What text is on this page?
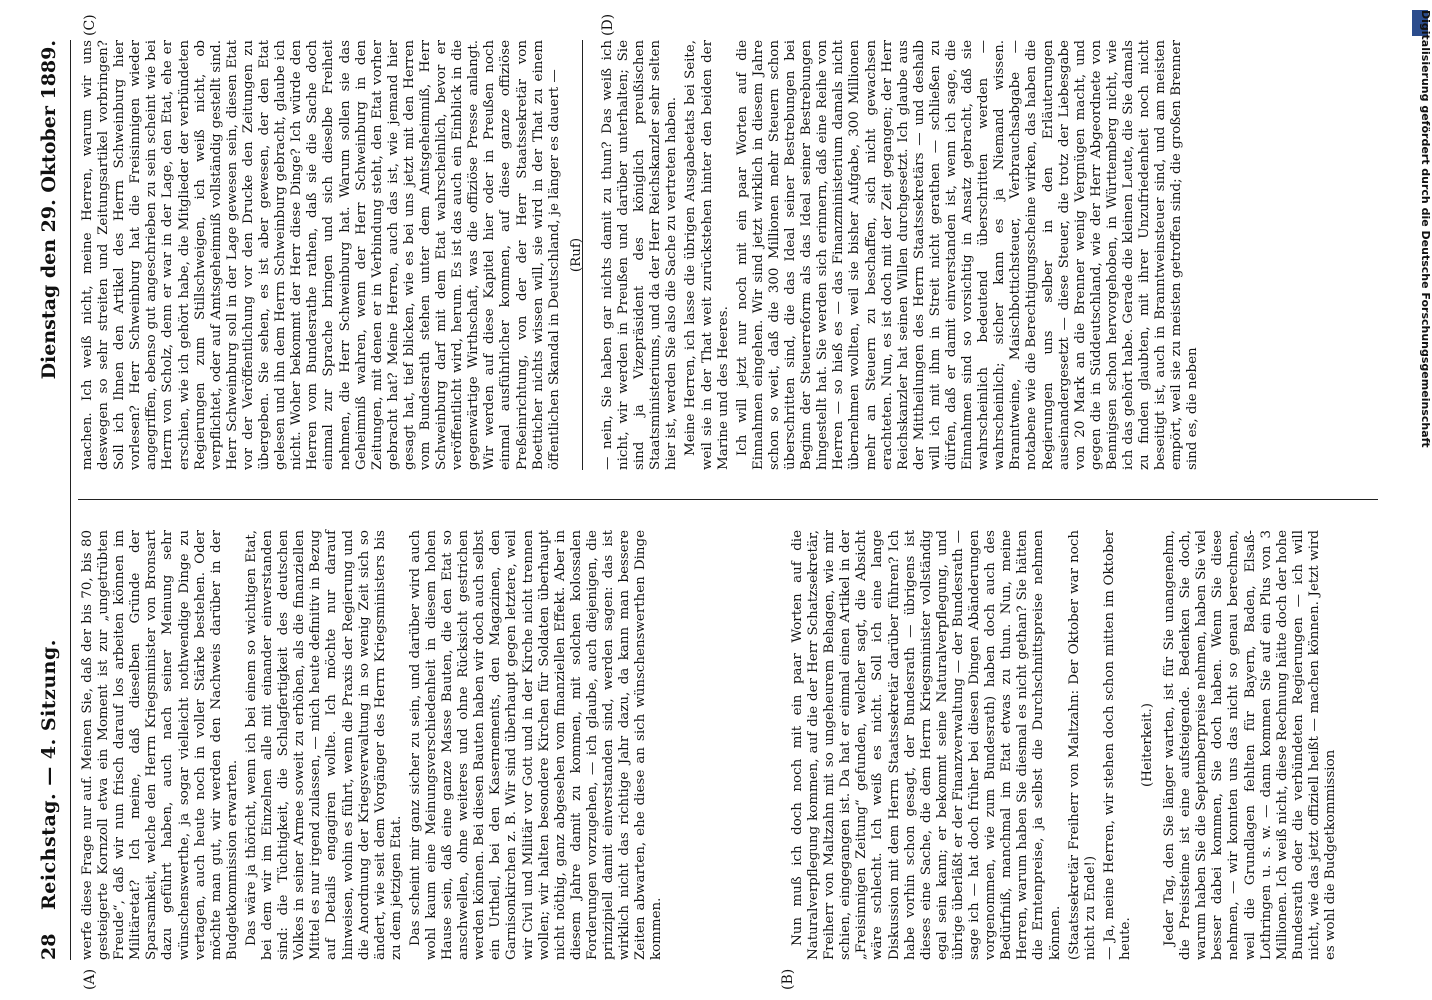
28
Reichstag. — 4. Sitzung.
Dienstag den 29. Oktober 1889.
(A)	(B)
(C)	(D)

werfe diese Frage nur auf. Meinen Sie, daß der bis 70, bis 80 gesteigerte Kornzoll etwa ein Moment ist zur „ungetrübten Freude“, daß wir nun frisch darauf los arbeiten können im Militäretat? Ich meine, daß dieselben Gründe der Sparsamkeit, welche den Herrn Kriegsminister von Bronsart dazu geführt haben, auch nach seiner Meinung sehr wünschenswerthe, ja sogar vielleicht nothwendige Dinge zu vertagen, auch heute noch in voller Stärke bestehen. Oder möchte man gut, wir werden den Nachweis darüber in der Budgetkommission erwarten. Das wäre ja thöricht, wenn ich bei einem so wichtigen Etat, bei dem wir im Einzelnen alle mit einander einverstanden sind: die Tüchtigkeit, die Schlagfertigkeit des deutschen Volkes in seiner Armee soweit zu erhöhen, als die finanziellen Mittel es nur irgend zulassen, — mich heute definitiv in Bezug auf Details engagiren wollte. Ich möchte nur darauf hinweisen, wohin es führt, wenn die Praxis der Regierung und die Anordnung der Kriegsverwaltung in so wenig Zeit sich so ändert, wie seit dem Vorgänger des Herrn Kriegsministers bis zu dem jetzigen Etat. Das scheint mir ganz sicher zu sein, und darüber wird auch wohl kaum eine Meinungsverschiedenheit in diesem hohen Hause sein, daß eine ganze Masse Bauten, die den Etat so anschwellen, ohne weiteres und ohne Rücksicht gestrichen werden können. Bei diesen Bauten haben wir doch auch selbst ein Urtheil, bei den Kasernements, den Magazinen, den Garnisonkirchen z. B. Wir sind überhaupt gegen letztere, weil wir Civil und Militär vor Gott und in der Kirche nicht trennen wollen; wir halten besondere Kirchen für Soldaten überhaupt nicht nöthig, ganz abgesehen vom finanziellen Effekt. Aber in diesem Jahre damit zu kommen, mit solchen kolossalen Forderungen vorzugehen, — ich glaube, auch diejenigen, die prinzipiell damit einverstanden sind, werden sagen: das ist wirklich nicht das richtige Jahr dazu, da kann man bessere Zeiten abwarten, ehe diese an sich wünschenswerthen Dinge kommen.	Nun muß ich doch noch mit ein paar Worten auf die Naturalverpflegung kommen, auf die der Herr Schatzsekretär, Freiherr von Maltzahn mit so ungeheurem Behagen, wie mir schien, eingegangen ist. Da hat er einmal einen Artikel in der „Freisinnigen Zeitung“ gefunden, welcher sagt, die Absicht wäre schlecht. Ich weiß es nicht. Soll ich eine lange Diskussion mit dem Herrn Staatssekretär darüber führen? Ich habe vorhin schon gesagt, der Bundesrath — übrigens ist dieses eine Sache, die dem Herrn Kriegsminister vollständig egal sein kann; er bekommt seine Naturalverpflegung, und übrige überläßt er der Finanzverwaltung — der Bundesrath — sage ich — hat doch früher bei diesen Dingen Abänderungen vorgenommen, wie zum Bundesrath) haben doch auch des Bedürfniß, manchmal im Etat etwas zu thun. Nun, meine Herren, warum haben Sie diesmal es nicht gethan? Sie hätten die Erntenpreise, ja selbst die Durchschnittspreise nehmen können. (Staatssekretär Freiherr von Maltzahn: Der Oktober war noch nicht zu Ende!) — Ja, meine Herren, wir stehen doch schon mitten im Oktober heute.

(Heiterkeit.) Jeder Tag, den Sie länger warten, ist für Sie unangenehm, die Preissteine ist eine aufsteigende. Bedenken Sie doch, warum haben Sie die Septemberpreise nehmen, haben Sie viel besser dabei kommen, Sie doch haben. Wenn Sie diese nehmen, — wir konnten uns das nicht so genau berechnen, weil die Grundlagen fehlten für Bayern, Baden, Elsaß-Lothringen u. s. w. — dann kommen Sie auf ein Plus von 3 Millionen. Ich weiß nicht, diese Rechnung hätte doch der hohe Bundesrath oder die verbündeten Regierungen — ich will nicht, wie das jetzt offiziell heißt — machen können. Jetzt wird es wohl die Budgetkommission

machen. Ich weiß nicht, meine Herren, warum wir uns deswegen so sehr streiten und Zeitungsartikel vorbringen? Soll ich Ihnen den Artikel des Herrn Schweinburg hier vorlesen? Herr Schweinburg hat die Freisinnigen wieder angegriffen, ebenso gut angeschrieben zu sein scheint wie bei Herrn von Scholz, denn er war in der Lage, den Etat, ehe er erschien, wie ich gehört habe, die Mitglieder der verbündeten Regierungen zum Stillschweigen, ich weiß nicht, ob verpflichtet, oder auf Amtsgeheimniß vollständig gestellt sind. Herr Schweinburg soll in der Lage gewesen sein, diesen Etat vor der Veröffentlichung vor den Drucke den Zeitungen zu übergeben. Sie sehen, es ist aber gewesen, der den Etat gelesen und ihn dem Herrn Schweinburg gebracht, glaube ich nicht. Woher bekommt der Herr diese Dinge? Ich würde den Herren vom Bundesrathe rathen, daß sie die Sache doch einmal zur Sprache bringen und sich dieselbe Freiheit nehmen, die Herr Schweinburg hat. Warum sollen sie das Geheimniß wahren, wenn der Herr Schweinburg in den Zeitungen, mit denen er in Verbindung steht, den Etat vorher gebracht hat? Meine Herren, auch das ist, wie jemand hier gesagt hat, tief blicken, wie es bei uns jetzt mit den Herren vom Bundesrath stehen unter dem Amtsgeheimniß, Herr Schweinburg darf mit dem Etat wahrscheinlich, bevor er veröffentlicht wird, herum. Es ist das auch ein Einblick in die gegenwärtige Wirthschaft, was die offiziöse Presse anlangt. Wir werden auf diese Kapitel hier oder in Preußen noch einmal ausführlicher kommen, auf diese ganze offiziöse Preßeinrichtung, von der der Herr Staatssekretär von Boetticher nichts wissen will, sie wird in der That zu einem öffentlichen Skandal in Deutschland, je länger es dauert — (Ruf) — nein, Sie haben gar nichts damit zu thun? Das weiß ich nicht, wir werden in Preußen und darüber unterhalten; Sie sind ja Vizepräsident des königlich preußischen Staatsministeriums, und da der Herr Reichskanzler sehr selten hier ist, werden Sie also die Sache zu vertreten haben. Meine Herren, ich lasse die übrigen Ausgabeetats bei Seite, weil sie in der That weit zurückstehen hinter den beiden der Marine und des Heeres. Ich will jetzt nur noch mit ein paar Worten auf die Einnahmen eingehen. Wir sind jetzt wirklich in diesem Jahre schon so weit, daß die 300 Millionen mehr Steuern schon überschritten sind, die das Ideal seiner Bestrebungen bei Beginn der Steuerreform als das Ideal seiner Bestrebungen hingestellt hat. Sie werden sich erinnern, daß eine Reihe von Herren — so hieß es — das Finanzministerium damals nicht übernehmen wollten, weil sie bisher Aufgabe, 300 Millionen mehr an Steuern zu beschaffen, sich nicht gewachsen erachteten. Nun, es ist doch mit der Zeit gegangen; der Herr Reichskanzler hat seinen Willen durchgesetzt. Ich glaube aus der Mittheilungen des Herrn Staatssekretärs — und deshalb will ich mit ihm in Streit nicht gerathen — schließen zu dürfen, daß er damit einverstanden ist, wenn ich sage, die Einnahmen sind so vorsichtig in Ansatz gebracht, daß sie wahrscheinlich bedeutend überschritten werden — wahrscheinlich; sicher kann es ja Niemand wissen. Branntweine, Maischbottichsteuer, Verbrauchsabgabe — notabene wie die Berechtigungsscheine wirken, das haben die Regierungen uns selber in den Erläuterungen auseinandergesetzt — diese Steuer, die trotz der Liebesgabe von 20 Mark an die Brenner wenig Vergnügen macht, und gegen die in Süddeutschland, wie der Herr Abgeordnete von Bennigsen schon hervorgehoben, in Württemberg nicht, wie ich das gehört habe. Gerade die kleinen Leute, die Sie damals zu finden glaubten, mit ihrer Unzufriedenheit noch nicht beseitigt ist, auch in Branntweinsteuer sind, und am meisten empört, weil sie zu meisten getroffen sind; die großen Brenner sind es, die neben	Digitalisierung gefördert durch die Deutsche Forschungsgemeinschaft
